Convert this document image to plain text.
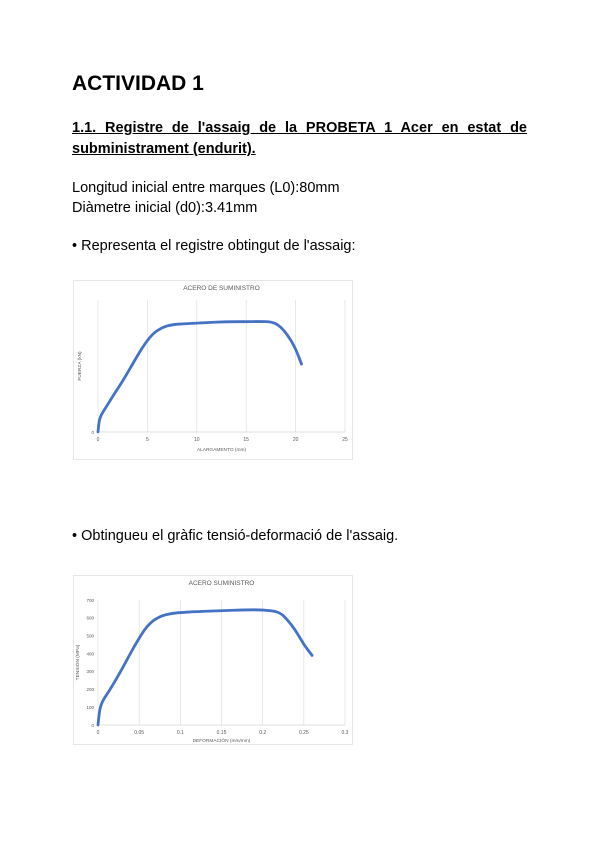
ACTIVIDAD 1

1.1. Registre de l'assaig de la PROBETA 1 Acer en estat de subministrament (endurit).

Longitud inicial entre marques (L0):80mm

Diàmetre inicial (d0):3.41mm

• Representa el registre obtingut de l'assaig:

ACERO DE SUMINISTRO
0	5	10	15	20	25
0
ALARGAMENTO (mm)
FUERZA (kN)

• Obtingueu el gràfic tensió-deformació de l'assaig.

ACERO SUMINISTRO
0	0.05	0.1	0.15	0.2	0.25	0.3
0
100
200
300
400
500
600
700
DEFORMACIÓN (mm/mm)
TENSIÓN (MPa)
